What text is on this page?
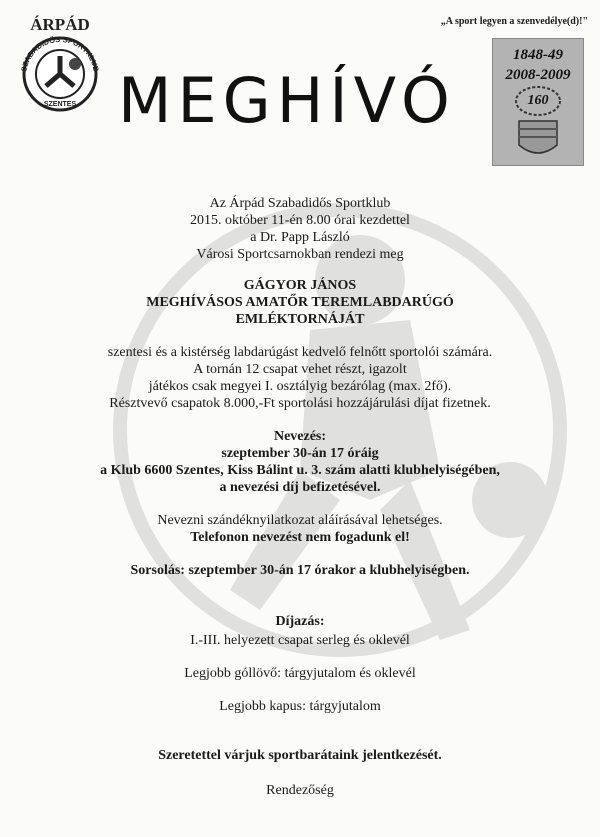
ÁRPÁD
SZABADIDŐS SPORTKLUB
SZENTES
„A sport legyen a szenvedélye(d)!"
MEGHÍVÓ
1848-49
2008-2009
160
Az Árpád Szabadidős Sportklub
2015. október 11-én 8.00 órai kezdettel
a Dr. Papp László
Városi Sportcsarnokban rendezi meg
GÁGYOR JÁNOS
MEGHÍVÁSOS AMATŐR TEREMLABDARÚGÓ
EMLÉKTORNÁJÁT
szentesi és a kistérség labdarúgást kedvelő felnőtt sportolói számára.
A tornán 12 csapat vehet részt, igazolt
játékos csak megyei I. osztályig bezárólag (max. 2fő).
Résztvevő csapatok 8.000,-Ft sportolási hozzájárulási díjat fizetnek.
Nevezés:
szeptember 30-án 17 óráig
a Klub 6600 Szentes, Kiss Bálint u. 3. szám alatti klubhelyiségében,
a nevezési díj befizetésével.
Nevezni szándéknyilatkozat aláírásával lehetséges.
Telefonon nevezést nem fogadunk el!
Sorsolás: szeptember 30-án 17 órakor a klubhelyiségben.
Díjazás:
I.-III. helyezett csapat serleg és oklevél
Legjobb góllövő: tárgyjutalom és oklevél
Legjobb kapus: tárgyjutalom
Szeretettel várjuk sportbarátaink jelentkezését.
Rendezőség
